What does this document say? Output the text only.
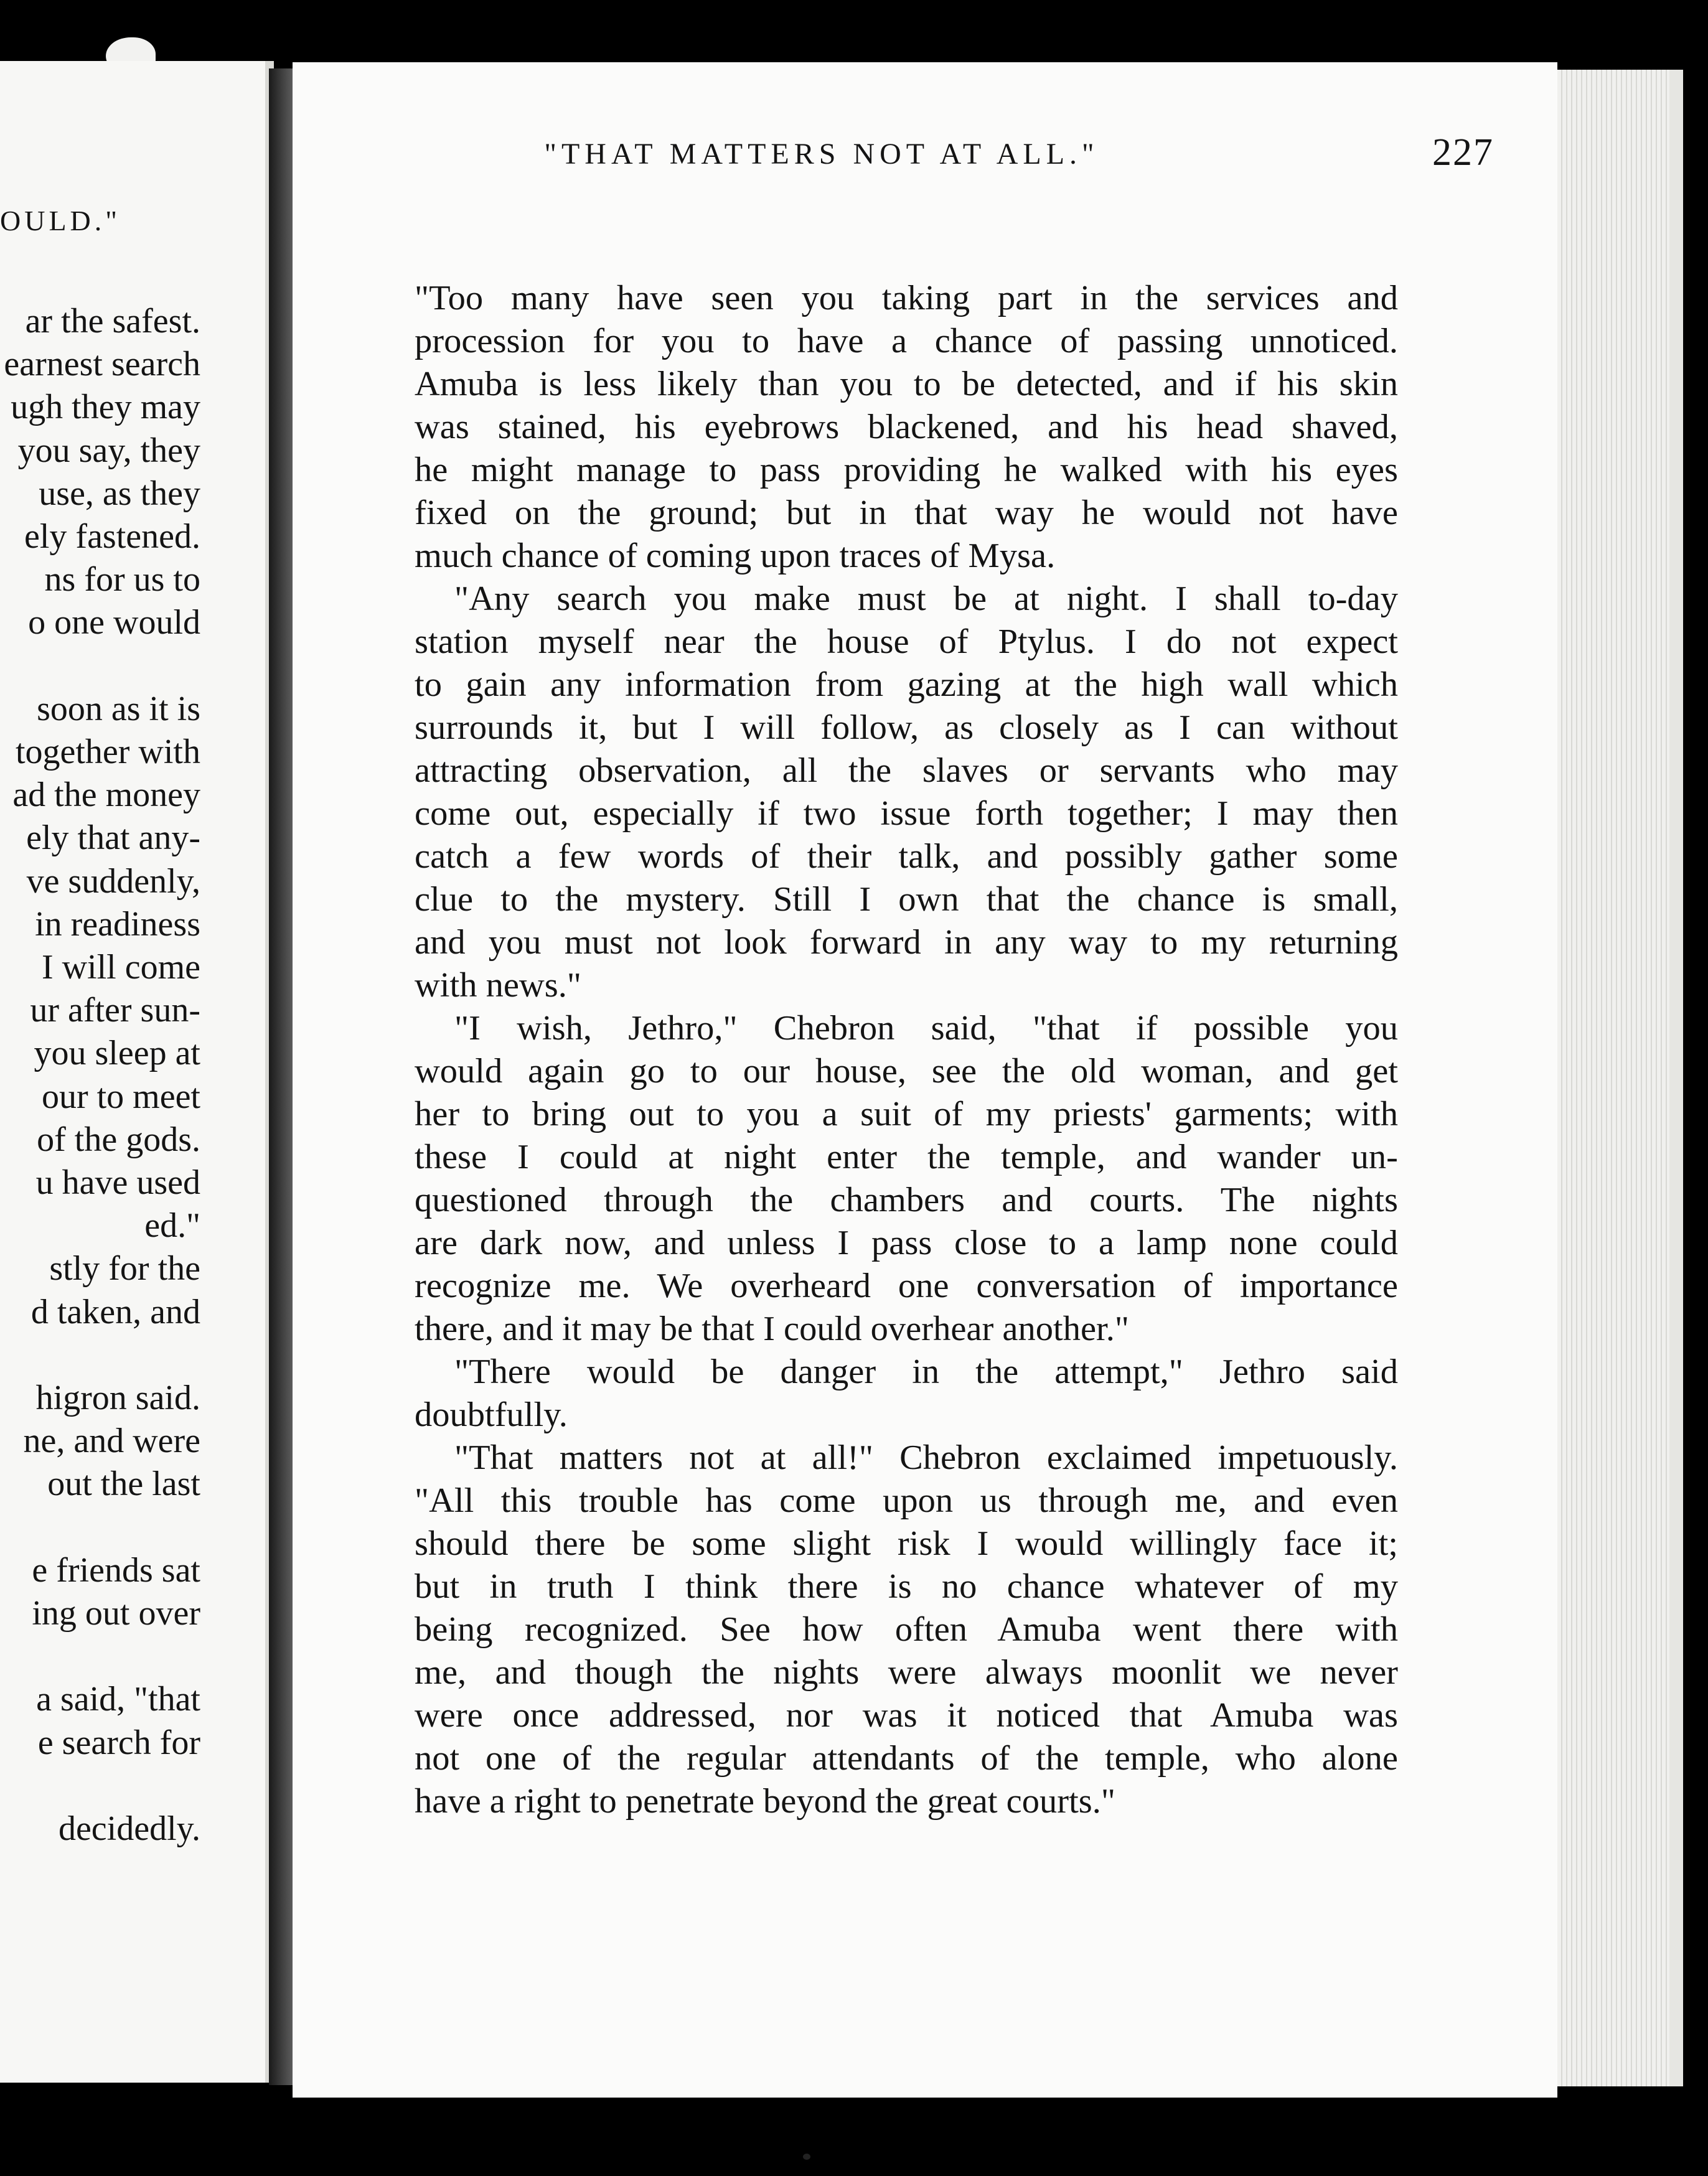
OULD."
ar the safest.
earnest search
ugh they may
you say, they
use, as they
ely fastened.
ns for us to
o one would
soon as it is
together with
ad the money
ely that any-
ve suddenly,
in readiness
I will come
ur after sun-
you sleep at
our to meet
of the gods.
u have used
ed."
stly for the
d taken, and
higron said.
ne, and were
out the last
e friends sat
ing out over
a said, "that
e search for
decidedly.
"THAT MATTERS NOT AT ALL."	227
"Too many have seen you taking part in the services and
procession for you to have a chance of passing unnoticed.
Amuba is less likely than you to be detected, and if his skin
was stained, his eyebrows blackened, and his head shaved,
he might manage to pass providing he walked with his eyes
fixed on the ground; but in that way he would not have
much chance of coming upon traces of Mysa.
"Any search you make must be at night. I shall to-day
station myself near the house of Ptylus. I do not expect
to gain any information from gazing at the high wall which
surrounds it, but I will follow, as closely as I can without
attracting observation, all the slaves or servants who may
come out, especially if two issue forth together; I may then
catch a few words of their talk, and possibly gather some
clue to the mystery. Still I own that the chance is small,
and you must not look forward in any way to my returning
with news."
"I wish, Jethro," Chebron said, "that if possible you
would again go to our house, see the old woman, and get
her to bring out to you a suit of my priests' garments; with
these I could at night enter the temple, and wander un-
questioned through the chambers and courts. The nights
are dark now, and unless I pass close to a lamp none could
recognize me. We overheard one conversation of importance
there, and it may be that I could overhear another."
"There would be danger in the attempt," Jethro said
doubtfully.
"That matters not at all!" Chebron exclaimed impetuously.
"All this trouble has come upon us through me, and even
should there be some slight risk I would willingly face it;
but in truth I think there is no chance whatever of my
being recognized. See how often Amuba went there with
me, and though the nights were always moonlit we never
were once addressed, nor was it noticed that Amuba was
not one of the regular attendants of the temple, who alone
have a right to penetrate beyond the great courts."
